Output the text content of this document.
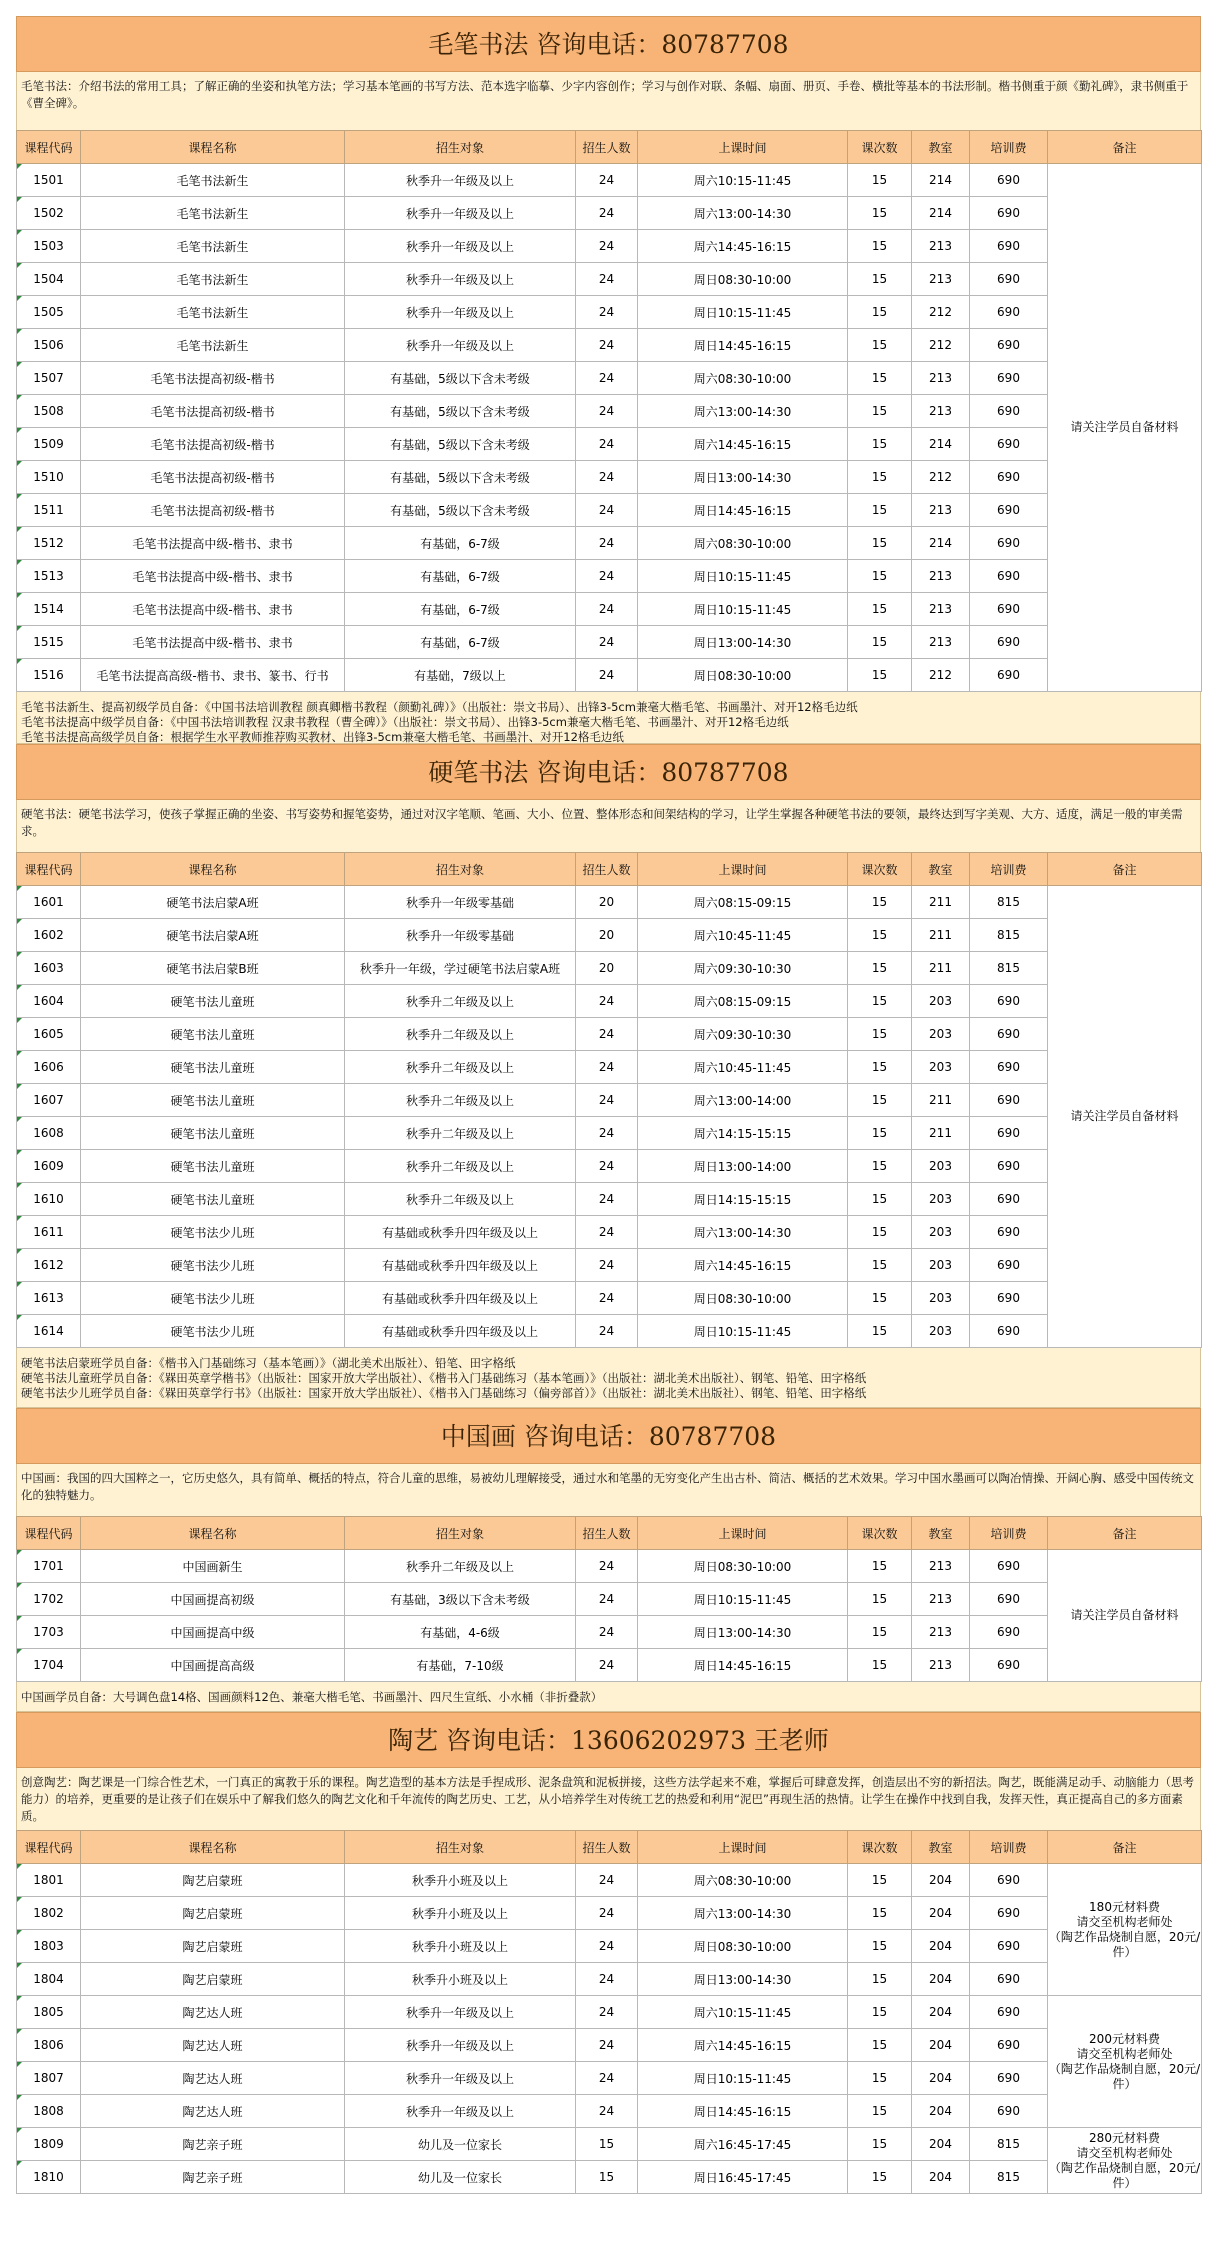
毛笔书法 咨询电话：80787708
毛笔书法：介绍书法的常用工具；了解正确的坐姿和执笔方法；学习基本笔画的书写方法、范本选字临摹、少字内容创作；学习与创作对联、条幅、扇面、册页、手卷、横批等基本的书法形制。楷书侧重于颜《勤礼碑》，隶书侧重于《曹全碑》。
课程代码	课程名称	招生对象	招生人数	上课时间	课次数	教室	培训费	备注
1501	毛笔书法新生	秋季升一年级及以上	24	周六10:15-11:45	15	214	690	请关注学员自备材料
1502	毛笔书法新生	秋季升一年级及以上	24	周六13:00-14:30	15	214	690	
1503	毛笔书法新生	秋季升一年级及以上	24	周六14:45-16:15	15	213	690	
1504	毛笔书法新生	秋季升一年级及以上	24	周日08:30-10:00	15	213	690	
1505	毛笔书法新生	秋季升一年级及以上	24	周日10:15-11:45	15	212	690	
1506	毛笔书法新生	秋季升一年级及以上	24	周日14:45-16:15	15	212	690	
1507	毛笔书法提高初级-楷书	有基础，5级以下含未考级	24	周六08:30-10:00	15	213	690	
1508	毛笔书法提高初级-楷书	有基础，5级以下含未考级	24	周六13:00-14:30	15	213	690	
1509	毛笔书法提高初级-楷书	有基础，5级以下含未考级	24	周六14:45-16:15	15	214	690	
1510	毛笔书法提高初级-楷书	有基础，5级以下含未考级	24	周日13:00-14:30	15	212	690	
1511	毛笔书法提高初级-楷书	有基础，5级以下含未考级	24	周日14:45-16:15	15	213	690	
1512	毛笔书法提高中级-楷书、隶书	有基础，6-7级	24	周六08:30-10:00	15	214	690	
1513	毛笔书法提高中级-楷书、隶书	有基础，6-7级	24	周日10:15-11:45	15	213	690	
1514	毛笔书法提高中级-楷书、隶书	有基础，6-7级	24	周日10:15-11:45	15	213	690	
1515	毛笔书法提高中级-楷书、隶书	有基础，6-7级	24	周日13:00-14:30	15	213	690	
1516	毛笔书法提高高级-楷书、隶书、篆书、行书	有基础，7级以上	24	周日08:30-10:00	15	212	690	
毛笔书法新生、提高初级学员自备：《中国书法培训教程 颜真卿楷书教程（颜勤礼碑）》（出版社：崇文书局）、出锋3-5cm兼毫大楷毛笔、书画墨汁、对开12格毛边纸
毛笔书法提高中级学员自备：《中国书法培训教程 汉隶书教程（曹全碑）》（出版社：崇文书局）、出锋3-5cm兼毫大楷毛笔、书画墨汁、对开12格毛边纸
毛笔书法提高高级学员自备：根据学生水平教师推荐购买教材、出锋3-5cm兼毫大楷毛笔、书画墨汁、对开12格毛边纸
硬笔书法 咨询电话：80787708
硬笔书法：硬笔书法学习，使孩子掌握正确的坐姿、书写姿势和握笔姿势，通过对汉字笔顺、笔画、大小、位置、整体形态和间架结构的学习，让学生掌握各种硬笔书法的要领，最终达到写字美观、大方、适度，满足一般的审美需求。
课程代码	课程名称	招生对象	招生人数	上课时间	课次数	教室	培训费	备注
1601	硬笔书法启蒙A班	秋季升一年级零基础	20	周六08:15-09:15	15	211	815	请关注学员自备材料
1602	硬笔书法启蒙A班	秋季升一年级零基础	20	周六10:45-11:45	15	211	815	
1603	硬笔书法启蒙B班	秋季升一年级，学过硬笔书法启蒙A班	20	周六09:30-10:30	15	211	815	
1604	硬笔书法儿童班	秋季升二年级及以上	24	周六08:15-09:15	15	203	690	
1605	硬笔书法儿童班	秋季升二年级及以上	24	周六09:30-10:30	15	203	690	
1606	硬笔书法儿童班	秋季升二年级及以上	24	周六10:45-11:45	15	203	690	
1607	硬笔书法儿童班	秋季升二年级及以上	24	周六13:00-14:00	15	211	690	
1608	硬笔书法儿童班	秋季升二年级及以上	24	周六14:15-15:15	15	211	690	
1609	硬笔书法儿童班	秋季升二年级及以上	24	周日13:00-14:00	15	203	690	
1610	硬笔书法儿童班	秋季升二年级及以上	24	周日14:15-15:15	15	203	690	
1611	硬笔书法少儿班	有基础或秋季升四年级及以上	24	周六13:00-14:30	15	203	690	
1612	硬笔书法少儿班	有基础或秋季升四年级及以上	24	周六14:45-16:15	15	203	690	
1613	硬笔书法少儿班	有基础或秋季升四年级及以上	24	周日08:30-10:00	15	203	690	
1614	硬笔书法少儿班	有基础或秋季升四年级及以上	24	周日10:15-11:45	15	203	690	
硬笔书法启蒙班学员自备：《楷书入门基础练习（基本笔画）》（湖北美术出版社）、铅笔、田字格纸
硬笔书法儿童班学员自备：《槑田英章学楷书》（出版社：国家开放大学出版社）、《楷书入门基础练习（基本笔画）》（出版社：湖北美术出版社）、钢笔、铅笔、田字格纸
硬笔书法少儿班学员自备：《槑田英章学行书》（出版社：国家开放大学出版社）、《楷书入门基础练习（偏旁部首）》（出版社：湖北美术出版社）、钢笔、铅笔、田字格纸
中国画 咨询电话：80787708
中国画：我国的四大国粹之一，它历史悠久，具有简单、概括的特点，符合儿童的思维，易被幼儿理解接受，通过水和笔墨的无穷变化产生出古朴、简洁、概括的艺术效果。学习中国水墨画可以陶冶情操、开阔心胸、感受中国传统文化的独特魅力。
课程代码	课程名称	招生对象	招生人数	上课时间	课次数	教室	培训费	备注
1701	中国画新生	秋季升二年级及以上	24	周日08:30-10:00	15	213	690	请关注学员自备材料
1702	中国画提高初级	有基础，3级以下含未考级	24	周日10:15-11:45	15	213	690	
1703	中国画提高中级	有基础，4-6级	24	周日13:00-14:30	15	213	690	
1704	中国画提高高级	有基础，7-10级	24	周日14:45-16:15	15	213	690	
中国画学员自备：大号调色盘14格、国画颜料12色、兼毫大楷毛笔、书画墨汁、四尺生宣纸、小水桶（非折叠款）
陶艺 咨询电话：13606202973 王老师
创意陶艺：陶艺课是一门综合性艺术，一门真正的寓教于乐的课程。陶艺造型的基本方法是手捏成形、泥条盘筑和泥板拼接，这些方法学起来不难，掌握后可肆意发挥，创造层出不穷的新招法。陶艺，既能满足动手、动脑能力（思考能力）的培养，更重要的是让孩子们在娱乐中了解我们悠久的陶艺文化和千年流传的陶艺历史、工艺，从小培养学生对传统工艺的热爱和利用“泥巴”再现生活的热情。让学生在操作中找到自我，发挥天性，真正提高自己的多方面素质。
课程代码	课程名称	招生对象	招生人数	上课时间	课次数	教室	培训费	备注
1801	陶艺启蒙班	秋季升小班及以上	24	周六08:30-10:00	15	204	690	180元材料费
请交至机构老师处
（陶艺作品烧制自愿，20元/件）
1802	陶艺启蒙班	秋季升小班及以上	24	周六13:00-14:30	15	204	690	
1803	陶艺启蒙班	秋季升小班及以上	24	周日08:30-10:00	15	204	690	
1804	陶艺启蒙班	秋季升小班及以上	24	周日13:00-14:30	15	204	690	
1805	陶艺达人班	秋季升一年级及以上	24	周六10:15-11:45	15	204	690	200元材料费
请交至机构老师处
（陶艺作品烧制自愿，20元/件）
1806	陶艺达人班	秋季升一年级及以上	24	周六14:45-16:15	15	204	690	
1807	陶艺达人班	秋季升一年级及以上	24	周日10:15-11:45	15	204	690	
1808	陶艺达人班	秋季升一年级及以上	24	周日14:45-16:15	15	204	690	
1809	陶艺亲子班	幼儿及一位家长	15	周六16:45-17:45	15	204	815	280元材料费
请交至机构老师处
（陶艺作品烧制自愿，20元/件）
1810	陶艺亲子班	幼儿及一位家长	15	周日16:45-17:45	15	204	815	
